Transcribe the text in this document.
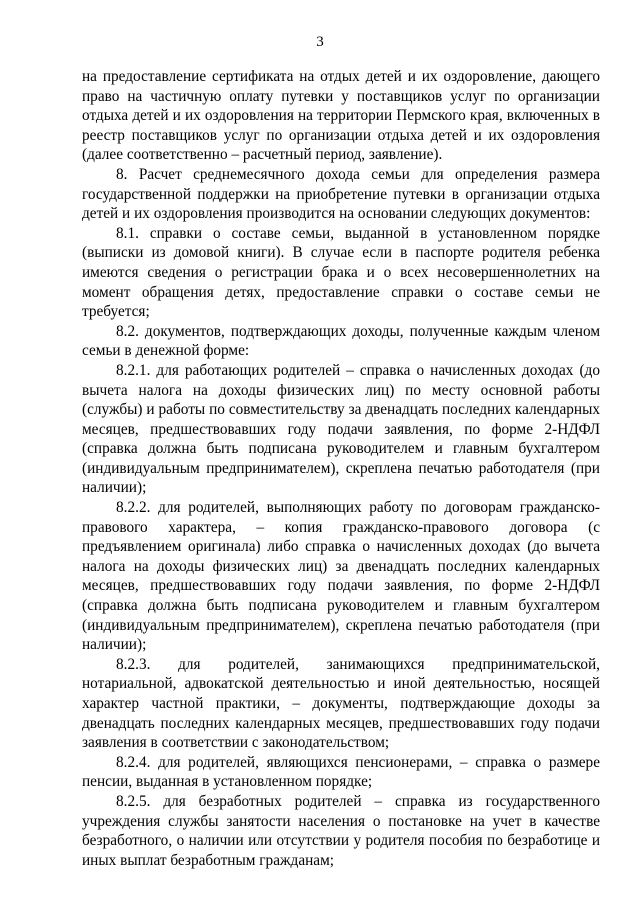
3

на предоставление сертификата на отдых детей и их оздоровление, дающего право на частичную оплату путевки у поставщиков услуг по организации отдыха детей и их оздоровления на территории Пермского края, включенных в реестр поставщиков услуг по организации отдыха детей и их оздоровления (далее соответственно – расчетный период, заявление).

8. Расчет среднемесячного дохода семьи для определения размера государственной поддержки на приобретение путевки в организации отдыха детей и их оздоровления производится на основании следующих документов:

8.1. справки о составе семьи, выданной в установленном порядке (выписки из домовой книги). В случае если в паспорте родителя ребенка имеются сведения о регистрации брака и о всех несовершеннолетних на момент обращения детях, предоставление справки о составе семьи не требуется;

8.2. документов, подтверждающих доходы, полученные каждым членом семьи в денежной форме:

8.2.1. для работающих родителей – справка о начисленных доходах (до вычета налога на доходы физических лиц) по месту основной работы (службы) и работы по совместительству за двенадцать последних календарных месяцев, предшествовавших году подачи заявления, по форме 2-НДФЛ (справка должна быть подписана руководителем и главным бухгалтером (индивидуальным предпринимателем), скреплена печатью работодателя (при наличии);

8.2.2. для родителей, выполняющих работу по договорам гражданско-правового характера, – копия гражданско-правового договора (с предъявлением оригинала) либо справка о начисленных доходах (до вычета налога на доходы физических лиц) за двенадцать последних календарных месяцев, предшествовавших году подачи заявления, по форме 2-НДФЛ (справка должна быть подписана руководителем и главным бухгалтером (индивидуальным предпринимателем), скреплена печатью работодателя (при наличии);

8.2.3. для родителей, занимающихся предпринимательской, нотариальной, адвокатской деятельностью и иной деятельностью, носящей характер частной практики, – документы, подтверждающие доходы за двенадцать последних календарных месяцев, предшествовавших году подачи заявления в соответствии с законодательством;

8.2.4. для родителей, являющихся пенсионерами, – справка о размере пенсии, выданная в установленном порядке;

8.2.5. для безработных родителей – справка из государственного учреждения службы занятости населения о постановке на учет в качестве безработного, о наличии или отсутствии у родителя пособия по безработице и иных выплат безработным гражданам;
